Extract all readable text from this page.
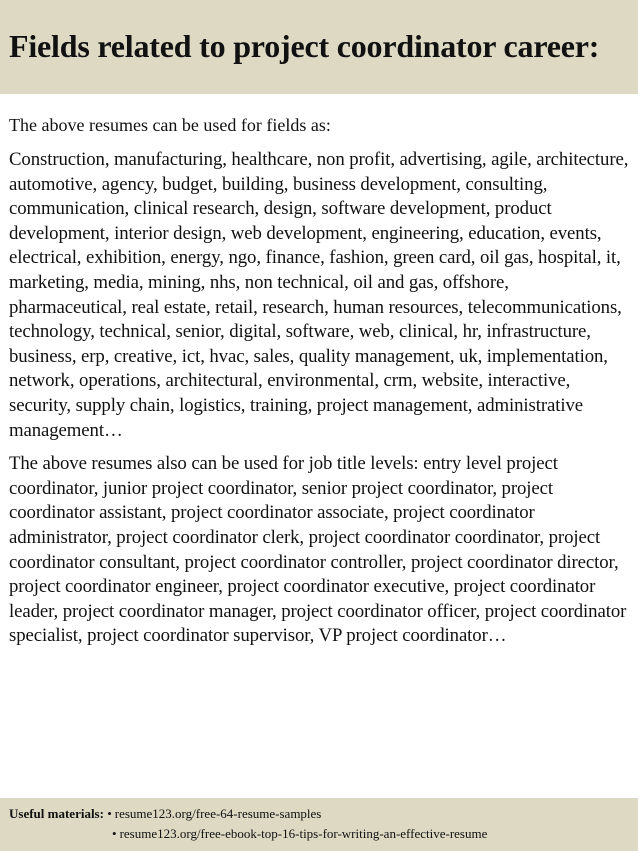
Fields related to project coordinator career:

The above resumes can be used for fields as:

Construction, manufacturing, healthcare, non profit, advertising, agile, architecture, automotive, agency, budget, building, business development, consulting, communication, clinical research, design, software development, product development, interior design, web development, engineering, education, events, electrical, exhibition, energy, ngo, finance, fashion, green card, oil gas, hospital, it, marketing, media, mining, nhs, non technical, oil and gas, offshore, pharmaceutical, real estate, retail, research, human resources, telecommunications, technology, technical, senior, digital, software, web, clinical, hr, infrastructure, business, erp, creative, ict, hvac, sales, quality management, uk, implementation, network, operations, architectural, environmental, crm, website, interactive, security, supply chain, logistics, training, project management, administrative management…

The above resumes also can be used for job title levels: entry level project coordinator, junior project coordinator, senior project coordinator, project coordinator assistant, project coordinator associate, project coordinator administrator, project coordinator clerk, project coordinator coordinator, project coordinator consultant, project coordinator controller, project coordinator director, project coordinator engineer, project coordinator executive, project coordinator leader, project coordinator manager, project coordinator officer, project coordinator specialist, project coordinator supervisor, VP project coordinator…

Useful materials: • resume123.org/free-64-resume-samples
• resume123.org/free-ebook-top-16-tips-for-writing-an-effective-resume
